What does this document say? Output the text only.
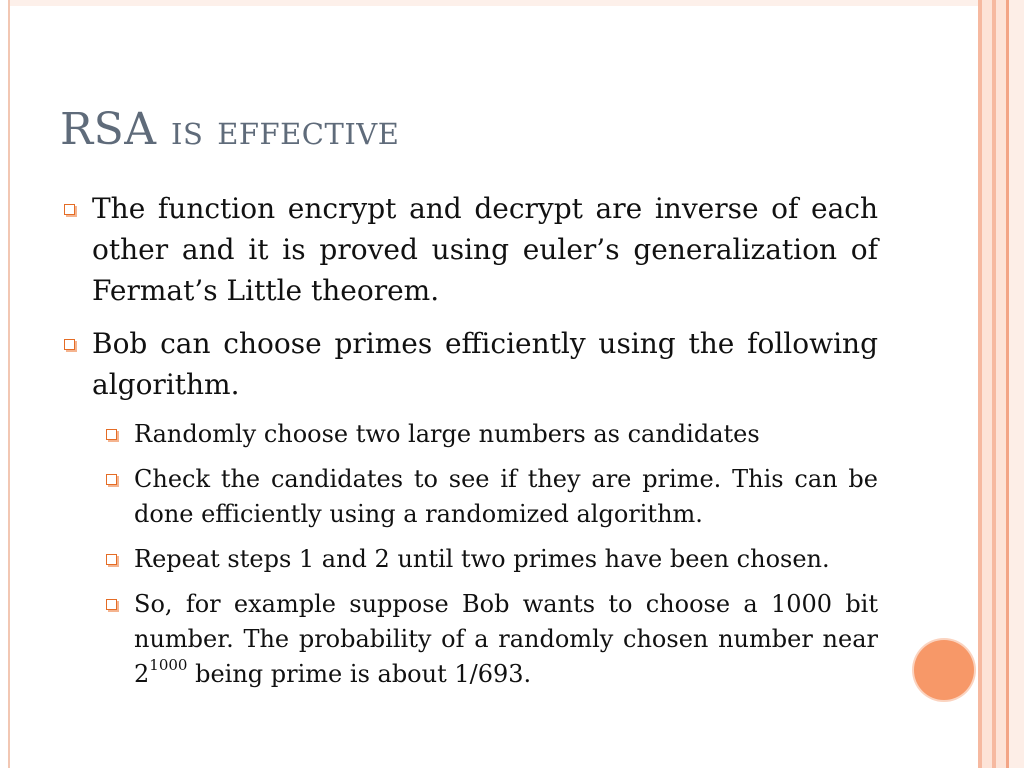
RSA is effective
The function encrypt and decrypt are inverse of each other and it is proved using euler’s generalization of Fermat’s Little theorem.
Bob can choose primes efficiently using the following algorithm.
Randomly choose two large numbers as candidates
Check the candidates to see if they are prime. This can be done efficiently using a randomized algorithm.
Repeat steps 1 and 2 until two primes have been chosen.
So, for example suppose Bob wants to choose a 1000 bit number. The probability of a randomly chosen number near $2^{1000}$ being prime is about 1/693.
